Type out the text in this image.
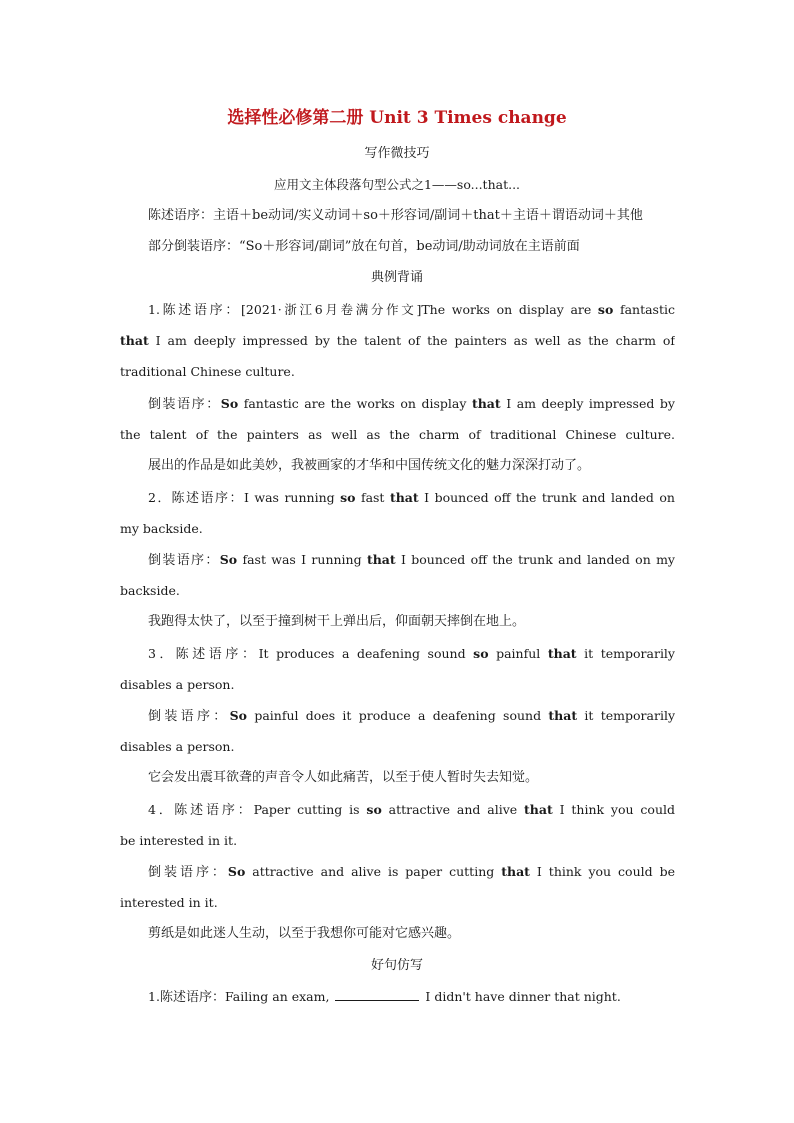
选择性必修第二册 Unit 3 Times change
写作微技巧
应用文主体段落句型公式之1——so...that...
陈述语序：主语＋be动词/实义动词＋so＋形容词/副词＋that＋主语＋谓语动词＋其他
部分倒装语序：“So＋形容词/副词”放在句首，be动词/助动词放在主语前面
典例背诵
1.陈述语序：[2021·浙江6月卷满分作文]The works on display are so fantastic
that I am deeply impressed by the talent of the painters as well as the charm of
traditional Chinese culture.
倒装语序：So fantastic are the works on display that I am deeply impressed by
the talent of the painters as well as the charm of traditional Chinese culture.
展出的作品是如此美妙，我被画家的才华和中国传统文化的魅力深深打动了。
2．陈述语序：I was running so fast that I bounced off the trunk and landed on
my backside.
倒装语序：So fast was I running that I bounced off the trunk and landed on my
backside.
我跑得太快了，以至于撞到树干上弹出后，仰面朝天摔倒在地上。
3．陈述语序：It produces a deafening sound so painful that it temporarily
disables a person.
倒装语序：So painful does it produce a deafening sound that it temporarily
disables a person.
它会发出震耳欲聋的声音令人如此痛苦，以至于使人暂时失去知觉。
4．陈述语序：Paper cutting is so attractive and alive that I think you could
be interested in it.
倒装语序：So attractive and alive is paper cutting that I think you could be
interested in it.
剪纸是如此迷人生动，以至于我想你可能对它感兴趣。
好句仿写
1.陈述语序：Failing an exam,	I didn't have dinner that night.
